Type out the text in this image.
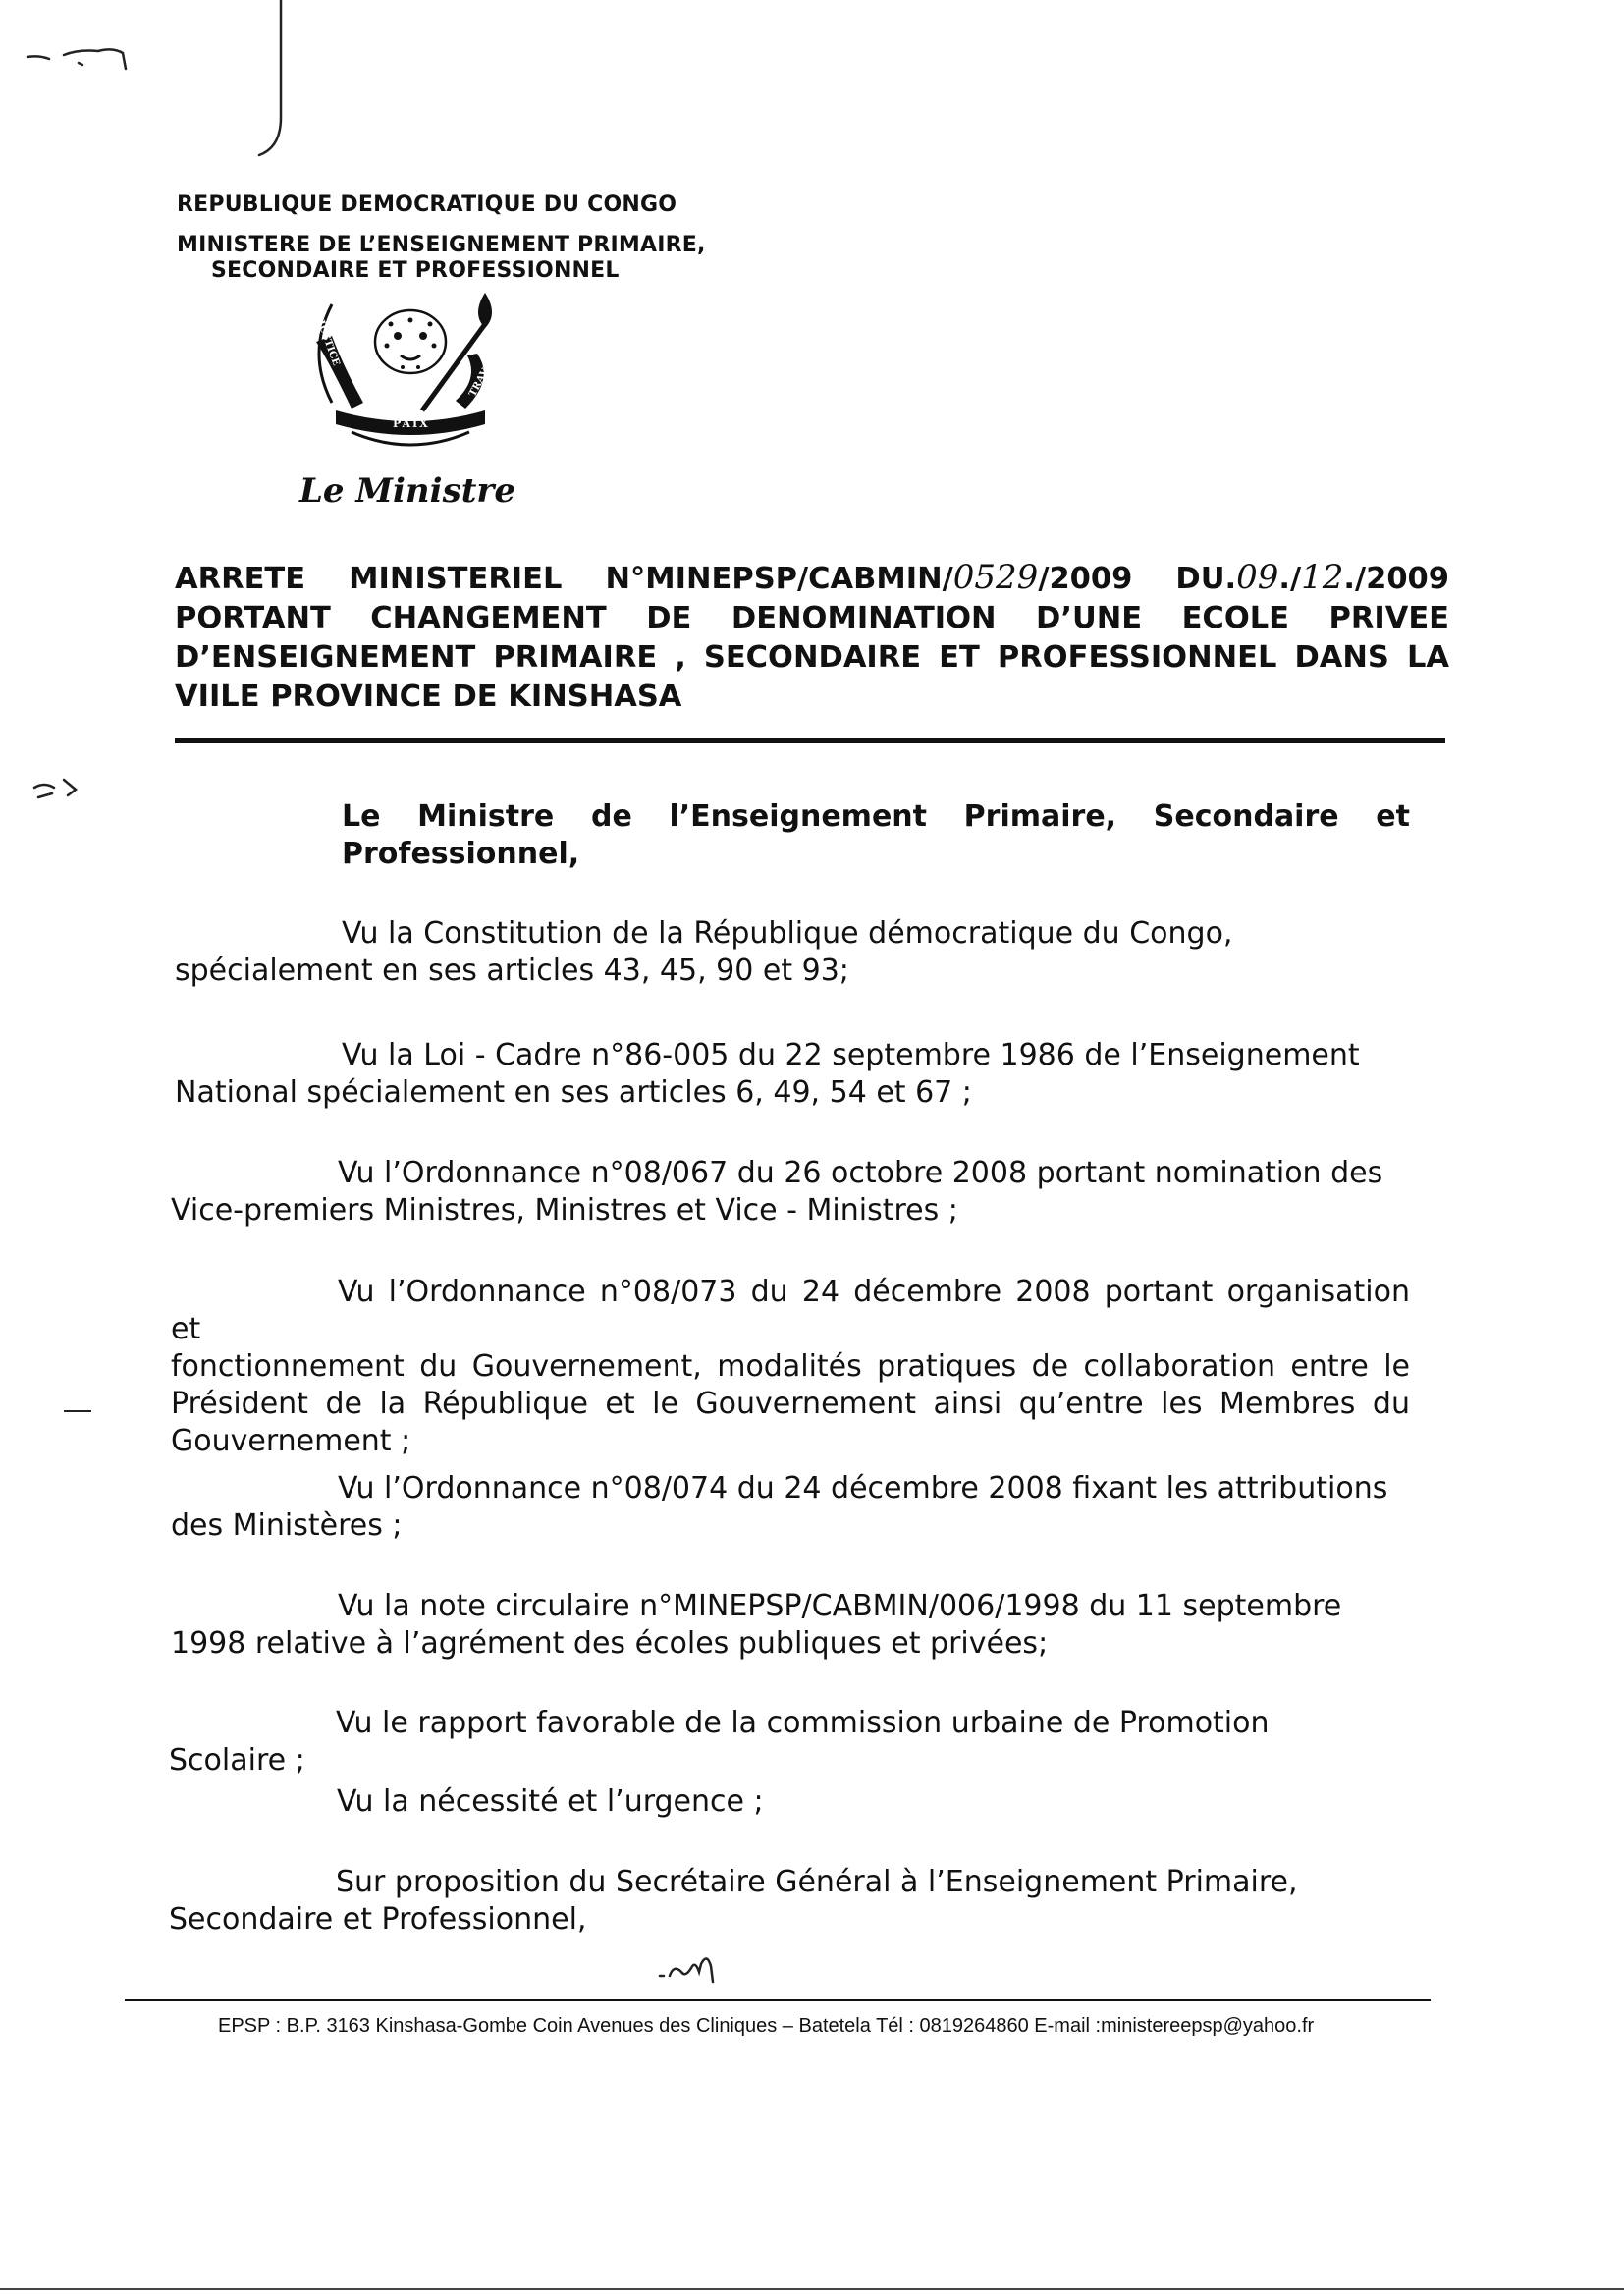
REPUBLIQUE DEMOCRATIQUE DU CONGO
MINISTERE DE L’ENSEIGNEMENT PRIMAIRE,
SECONDAIRE ET PROFESSIONNEL
JUSTICE
PAIX
TRAVAIL
Le Ministre
ARRETE MINISTERIEL N°MINEPSP/CABMIN/0529/2009 DU.09./12./2009 PORTANT CHANGEMENT DE DENOMINATION D’UNE ECOLE PRIVEE D’ENSEIGNEMENT PRIMAIRE , SECONDAIRE ET PROFESSIONNEL DANS LA VIILE PROVINCE DE KINSHASA
Le Ministre de l’Enseignement Primaire, Secondaire et Professionnel,
Vu la Constitution de la République démocratique du Congo,
spécialement en ses articles 43, 45, 90 et 93;
Vu la Loi - Cadre n°86-005 du 22 septembre 1986 de l’Enseignement
National spécialement en ses articles 6, 49, 54 et 67 ;
Vu l’Ordonnance n°08/067 du 26 octobre 2008 portant nomination des
Vice-premiers Ministres, Ministres et Vice - Ministres ;
Vu l’Ordonnance n°08/073 du 24 décembre 2008 portant organisation et
fonctionnement du Gouvernement, modalités pratiques de collaboration entre le Président de la République et le Gouvernement ainsi qu’entre les Membres du Gouvernement ;
Vu l’Ordonnance n°08/074 du 24 décembre 2008 fixant les attributions
des Ministères ;
Vu la note circulaire n°MINEPSP/CABMIN/006/1998 du 11 septembre
1998 relative à l’agrément des écoles publiques et privées;
Vu le rapport favorable de la commission urbaine de Promotion
Scolaire ;
Vu la nécessité et l’urgence ;
Sur proposition du Secrétaire Général à l’Enseignement Primaire,
Secondaire et Professionnel,
EPSP : B.P. 3163 Kinshasa-Gombe Coin Avenues des Cliniques – Batetela Tél : 0819264860 E-mail :ministereepsp@yahoo.fr
